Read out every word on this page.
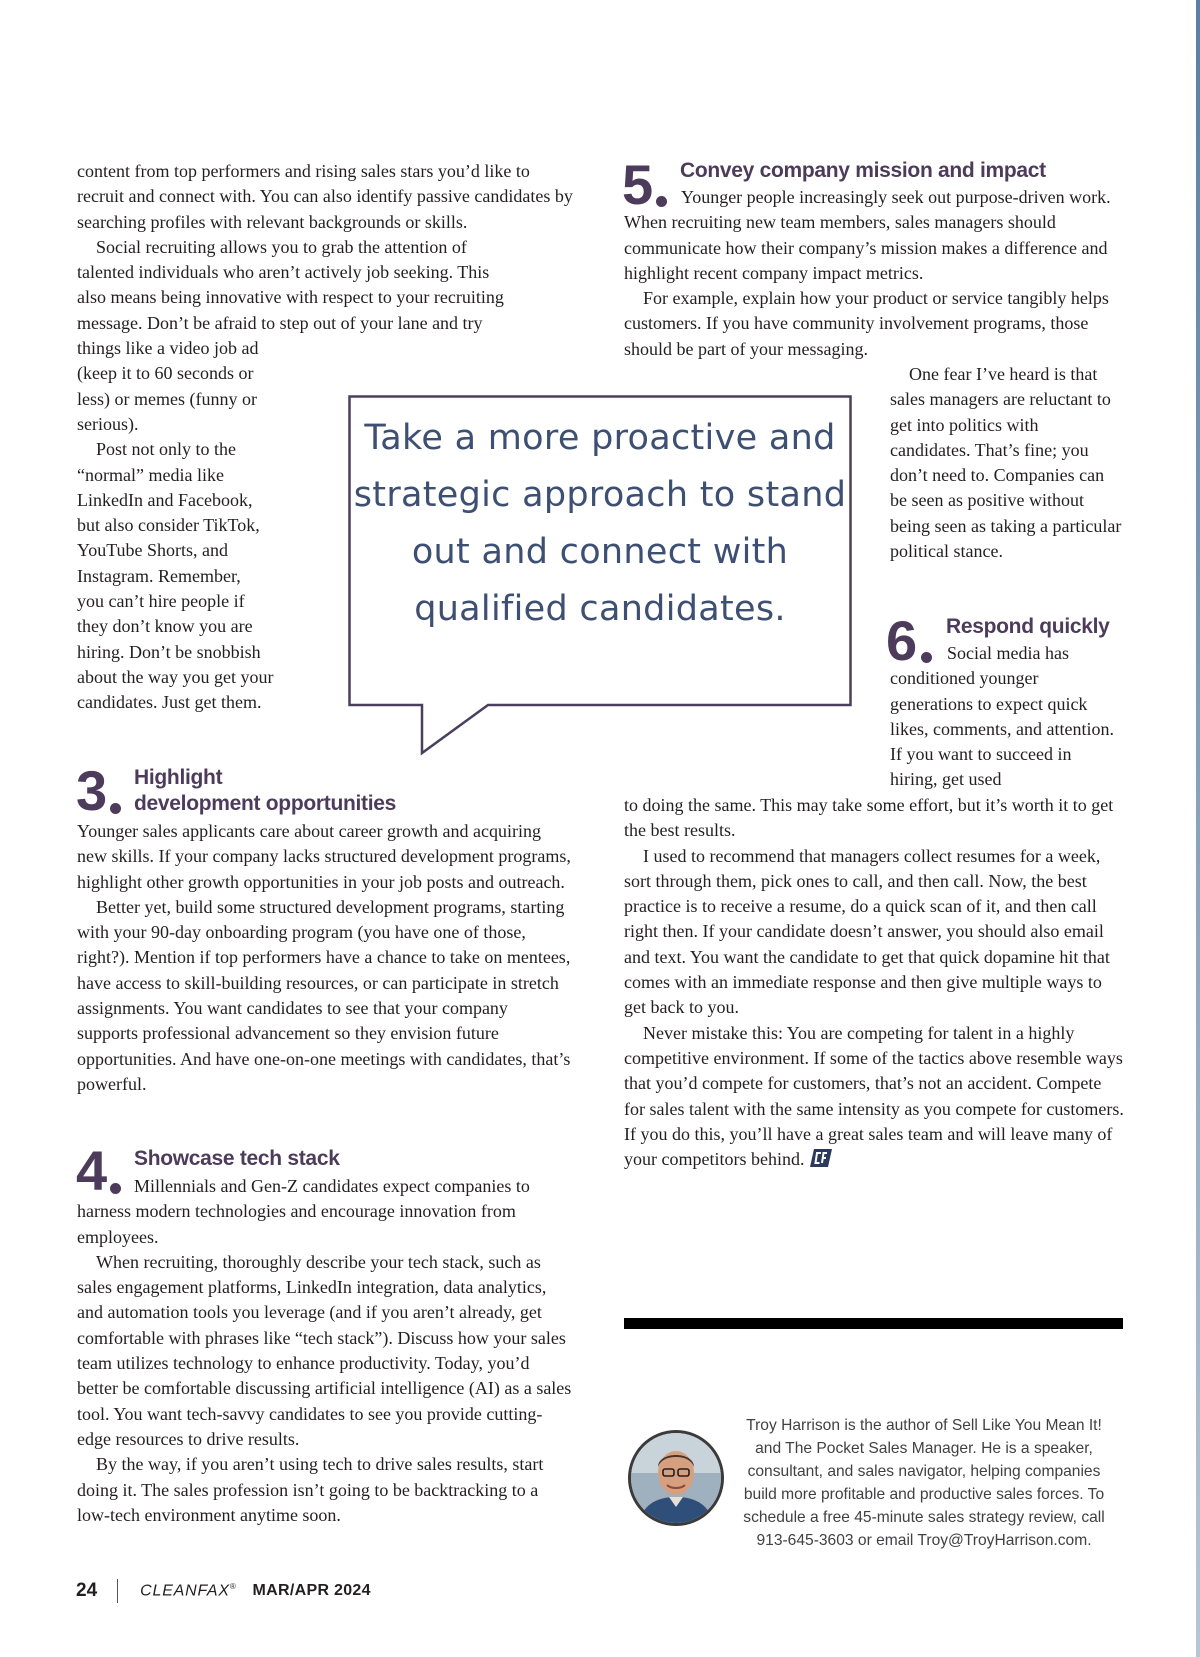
content from top performers and rising sales stars you’d like to recruit and connect with. You can also identify passive candidates by searching profiles with relevant backgrounds or skills.

Social recruiting allows you to grab the attention of

talented individuals who aren’t actively job seeking. This

also means being innovative with respect to your recruiting

message. Don’t be afraid to step out of your lane and try

things like a video job ad

(keep it to 60 seconds or

less) or memes (funny or

serious).

Post not only to the

“normal” media like

LinkedIn and Facebook,

but also consider TikTok,

YouTube Shorts, and

Instagram. Remember,

you can’t hire people if

they don’t know you are

hiring. Don’t be snobbish

about the way you get your

candidates. Just get them.

Take a more proactive and strategic approach to stand out and connect with qualified candidates.
3 Highlight
development opportunities

Younger sales applicants care about career growth and acquiring new skills. If your company lacks structured development programs, highlight other growth opportunities in your job posts and outreach.

Better yet, build some structured development programs, starting with your 90-day onboarding program (you have one of those, right?). Mention if top performers have a chance to take on mentees, have access to skill-building resources, or can participate in stretch assignments. You want candidates to see that your company supports professional advancement so they envision future opportunities. And have one-on-one meetings with candidates, that’s powerful.

4 Showcase tech stack

Millennials and Gen-Z candidates expect companies to harness modern technologies and encourage innovation from employees.

When recruiting, thoroughly describe your tech stack, such as sales engagement platforms, LinkedIn integration, data analytics, and automation tools you leverage (and if you aren’t already, get comfortable with phrases like “tech stack”). Discuss how your sales team utilizes technology to enhance productivity. Today, you’d better be comfortable discussing artificial intelligence (AI) as a sales tool. You want tech-savvy candidates to see you provide cutting-edge resources to drive results.

By the way, if you aren’t using tech to drive sales results, start doing it. The sales profession isn’t going to be backtracking to a low-tech environment anytime soon.

5 Convey company mission and impact

Younger people increasingly seek out purpose-driven work. When recruiting new team members, sales managers should communicate how their company’s mission makes a difference and highlight recent company impact metrics.

For example, explain how your product or service tangibly helps customers. If you have community involvement programs, those should be part of your messaging.

One fear I’ve heard is that sales managers are reluctant to get into politics with candidates. That’s fine; you don’t need to. Companies can be seen as positive without being seen as taking a particular political stance.

6 Respond quickly

Social media has conditioned younger generations to expect quick likes, comments, and attention. If you want to succeed in hiring, get used

to doing the same. This may take some effort, but it’s worth it to get the best results.

I used to recommend that managers collect resumes for a week, sort through them, pick ones to call, and then call. Now, the best practice is to receive a resume, do a quick scan of it, and then call right then. If your candidate doesn’t answer, you should also email and text. You want the candidate to get that quick dopamine hit that comes with an immediate response and then give multiple ways to get back to you.

Never mistake this: You are competing for talent in a highly competitive environment. If some of the tactics above resemble ways that you’d compete for customers, that’s not an accident. Compete for sales talent with the same intensity as you compete for customers. If you do this, you’ll have a great sales team and will leave many of your competitors behind.

Troy Harrison is the author of Sell Like You Mean It! and The Pocket Sales Manager. He is a speaker, consultant, and sales navigator, helping companies build more profitable and productive sales forces. To schedule a free 45-minute sales strategy review, call 913-645-3603 or email Troy@TroyHarrison.com.
24	CLEANFAX® MAR/APR 2024
